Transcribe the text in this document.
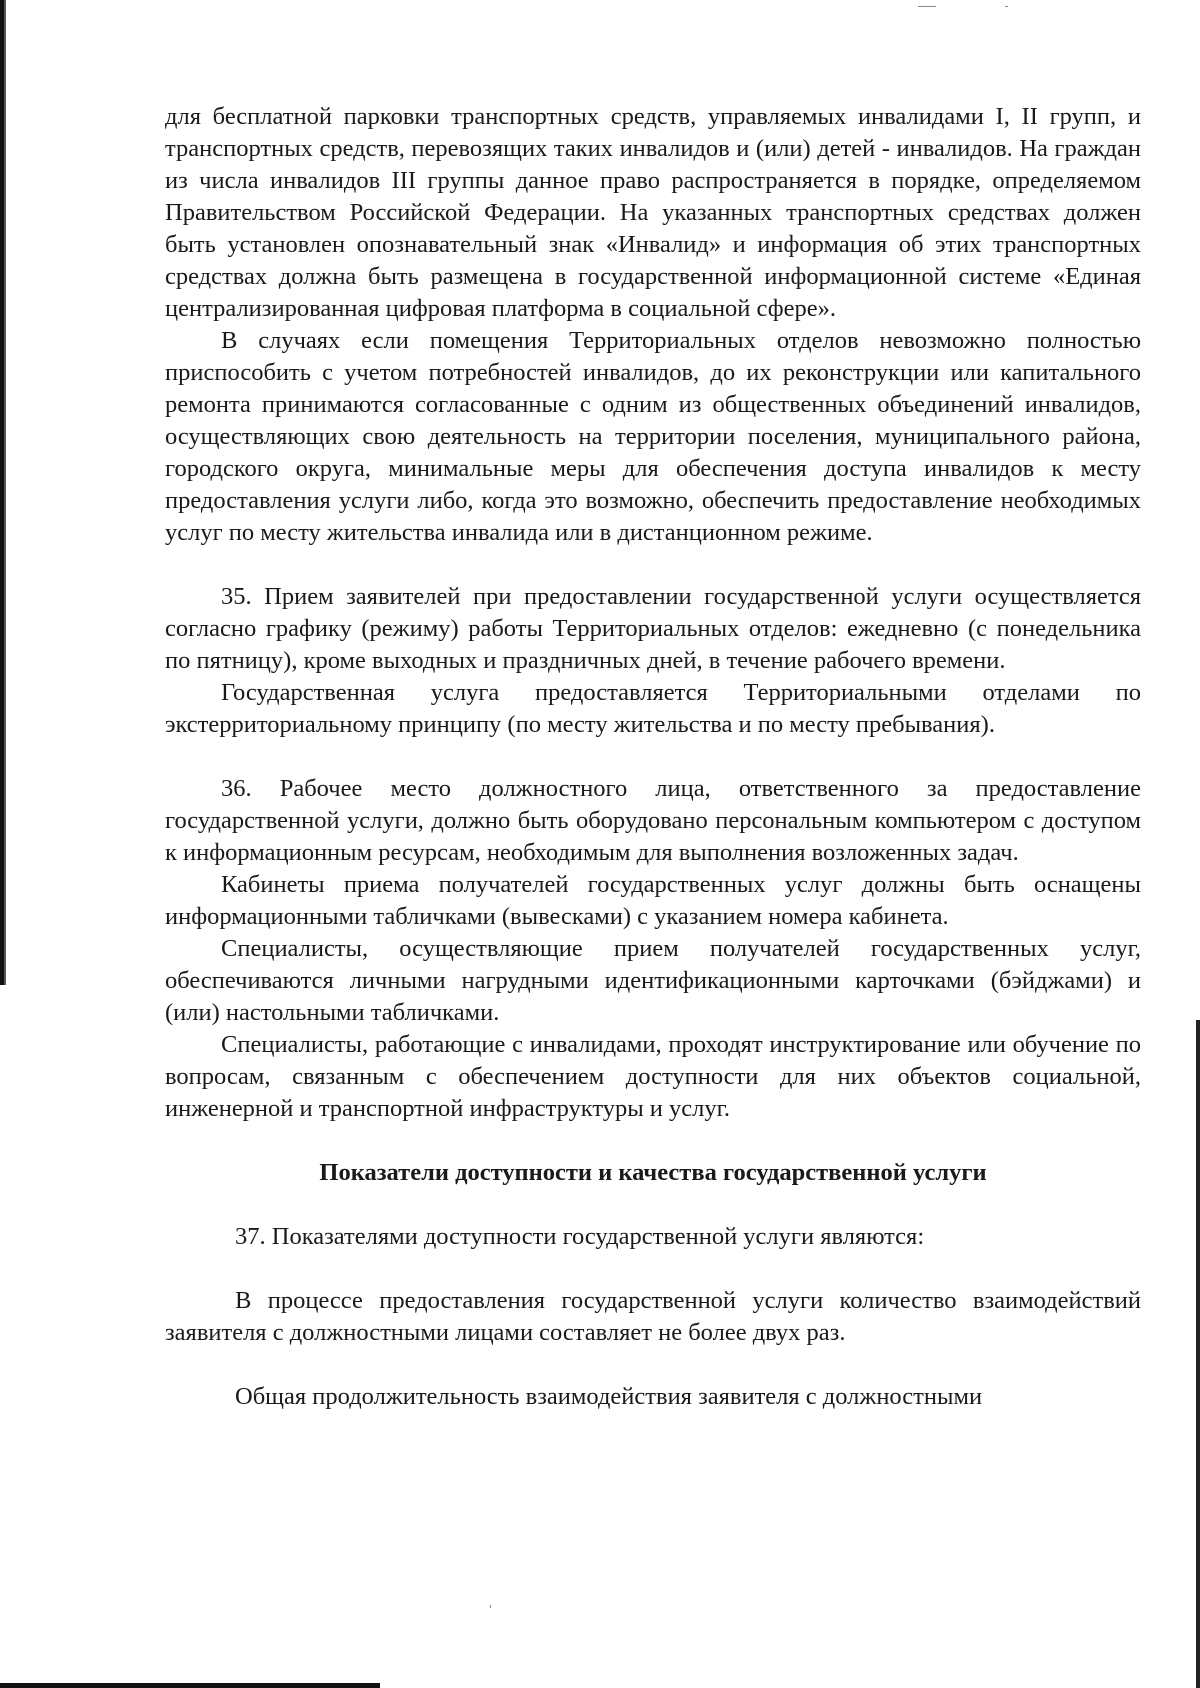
для бесплатной парковки транспортных средств, управляемых инвалидами I, II групп, и транспортных средств, перевозящих таких инвалидов и (или) детей - инвалидов. На граждан из числа инвалидов III группы данное право распространяется в порядке, определяемом Правительством Российской Федерации. На указанных транспортных средствах должен быть установлен опознавательный знак «Инвалид» и информация об этих транспортных средствах должна быть размещена в государственной информационной системе «Единая централизированная цифровая платформа в социальной сфере».

В случаях если помещения Территориальных отделов невозможно полностью приспособить с учетом потребностей инвалидов, до их реконструкции или капитального ремонта принимаются согласованные с одним из общественных объединений инвалидов, осуществляющих свою деятельность на территории поселения, муниципального района, городского округа, минимальные меры для обеспечения доступа инвалидов к месту предоставления услуги либо, когда это возможно, обеспечить предоставление необходимых услуг по месту жительства инвалида или в дистанционном режиме.

35. Прием заявителей при предоставлении государственной услуги осуществляется согласно графику (режиму) работы Территориальных отделов: ежедневно (с понедельника по пятницу), кроме выходных и праздничных дней, в течение рабочего времени.

Государственная услуга предоставляется Территориальными отделами по экстерриториальному принципу (по месту жительства и по месту пребывания).

36. Рабочее место должностного лица, ответственного за предоставление государственной услуги, должно быть оборудовано персональным компьютером с доступом к информационным ресурсам, необходимым для выполнения возложенных задач.

Кабинеты приема получателей государственных услуг должны быть оснащены информационными табличками (вывесками) с указанием номера кабинета.

Специалисты, осуществляющие прием получателей государственных услуг, обеспечиваются личными нагрудными идентификационными карточками (бэйджами) и (или) настольными табличками.

Специалисты, работающие с инвалидами, проходят инструктирование или обучение по вопросам, связанным с обеспечением доступности для них объектов социальной, инженерной и транспортной инфраструктуры и услуг.

Показатели доступности и качества государственной услуги

37. Показателями доступности государственной услуги являются:

В процессе предоставления государственной услуги количество взаимодействий заявителя с должностными лицами составляет не более двух раз.

Общая продолжительность взаимодействия заявителя с должностными
